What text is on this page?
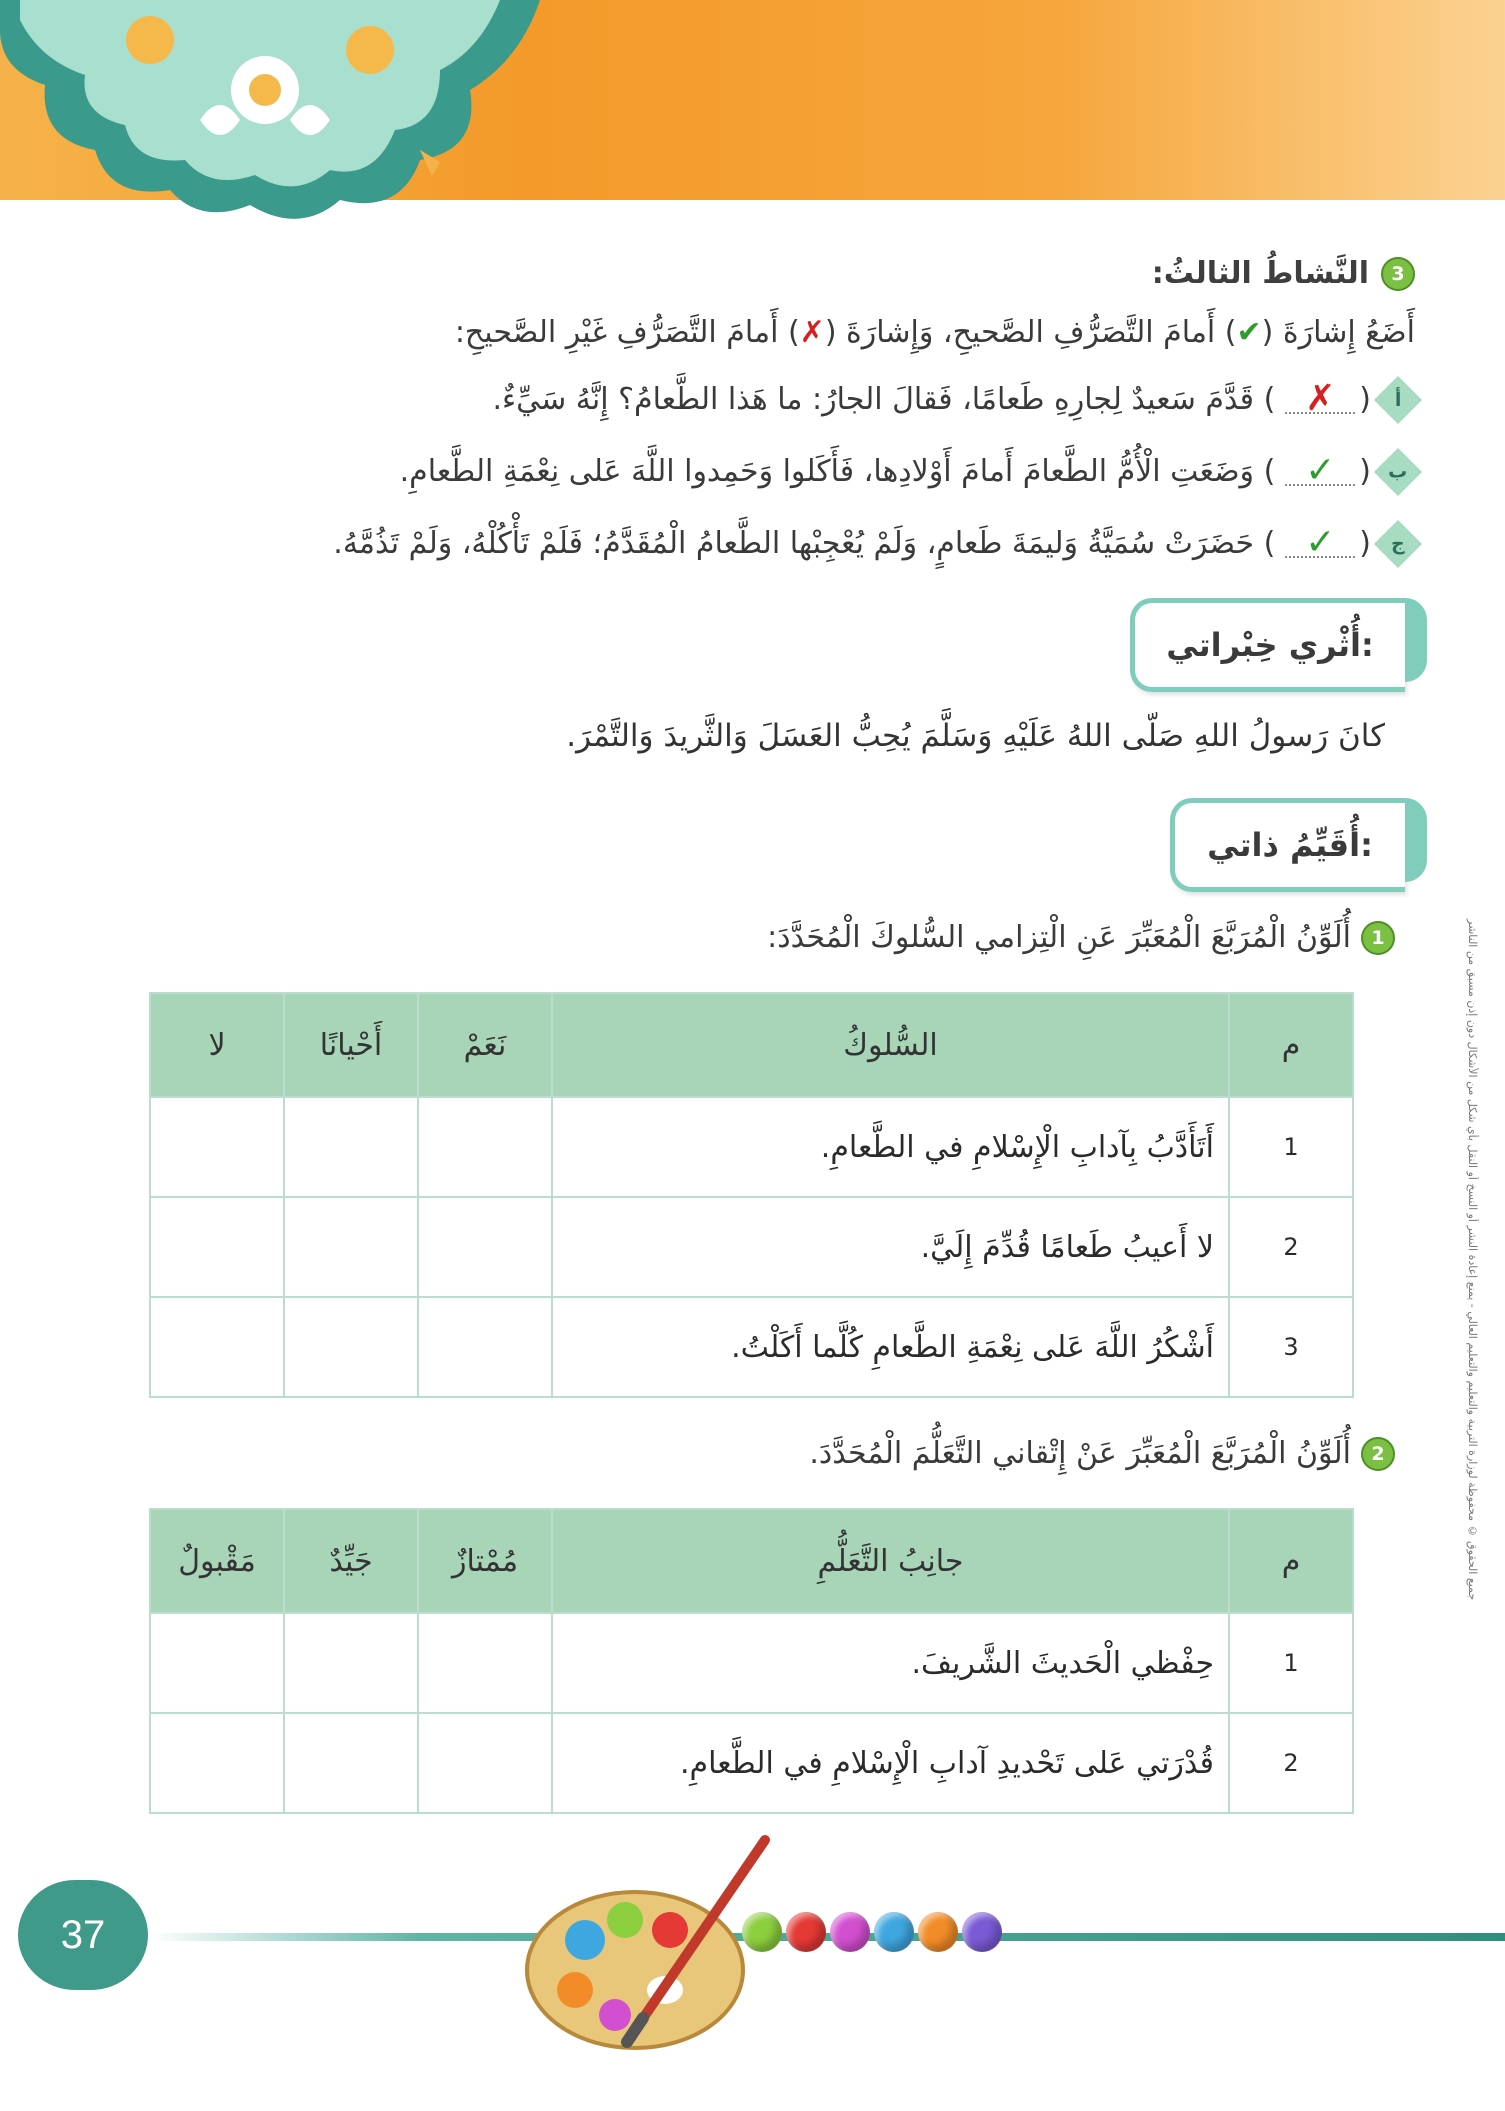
جميع الحقوق © محفوظة لوزارة التربية والتعليم والتعليم العالي - يمنع إعادة النشر أو النسخ أو النقل بأي شكل من الأشكال دون إذن مسبق من الناشر
3
النَّشاطُ الثالثُ:
أَضَعُ إِشارَةَ (✔) أَمامَ التَّصَرُّفِ الصَّحيحِ، وَإِشارَةَ (✗) أَمامَ التَّصَرُّفِ غَيْرِ الصَّحيحِ:
أ
(
✗
) قَدَّمَ سَعيدٌ لِجارِهِ طَعامًا، فَقالَ الجارُ: ما هَذا الطَّعامُ؟ إِنَّهُ سَيِّءٌ.
ب
(
✓
) وَضَعَتِ الْأُمُّ الطَّعامَ أَمامَ أَوْلادِها، فَأَكَلوا وَحَمِدوا اللَّهَ عَلى نِعْمَةِ الطَّعامِ.
ج
(
✓
) حَضَرَتْ سُمَيَّةُ وَليمَةَ طَعامٍ، وَلَمْ يُعْجِبْها الطَّعامُ الْمُقَدَّمُ؛ فَلَمْ تَأْكُلْهُ، وَلَمْ تَذُمَّهُ.
أُثْري خِبْراتي:
كانَ رَسولُ اللهِ صَلّى اللهُ عَلَيْهِ وَسَلَّمَ يُحِبُّ العَسَلَ وَالثَّريدَ وَالتَّمْرَ.
أُقَيِّمُ ذاتي:
1
أُلَوِّنُ الْمُرَبَّعَ الْمُعَبِّرَ عَنِ الْتِزامي السُّلوكَ الْمُحَدَّدَ:
م	السُّلوكُ	نَعَمْ	أَحْيانًا	لا
1	أَتَأَدَّبُ بِآدابِ الْإِسْلامِ في الطَّعامِ.			
2	لا أَعيبُ طَعامًا قُدِّمَ إِلَيَّ.			
3	أَشْكُرُ اللَّهَ عَلى نِعْمَةِ الطَّعامِ كُلَّما أَكَلْتُ.			
2
أُلَوِّنُ الْمُرَبَّعَ الْمُعَبِّرَ عَنْ إِتْقاني التَّعَلُّمَ الْمُحَدَّدَ.
م	جانِبُ التَّعَلُّمِ	مُمْتازٌ	جَيِّدٌ	مَقْبولٌ
1	حِفْظي الْحَديثَ الشَّريفَ.			
2	قُدْرَتي عَلى تَحْديدِ آدابِ الْإِسْلامِ في الطَّعامِ.			
37
